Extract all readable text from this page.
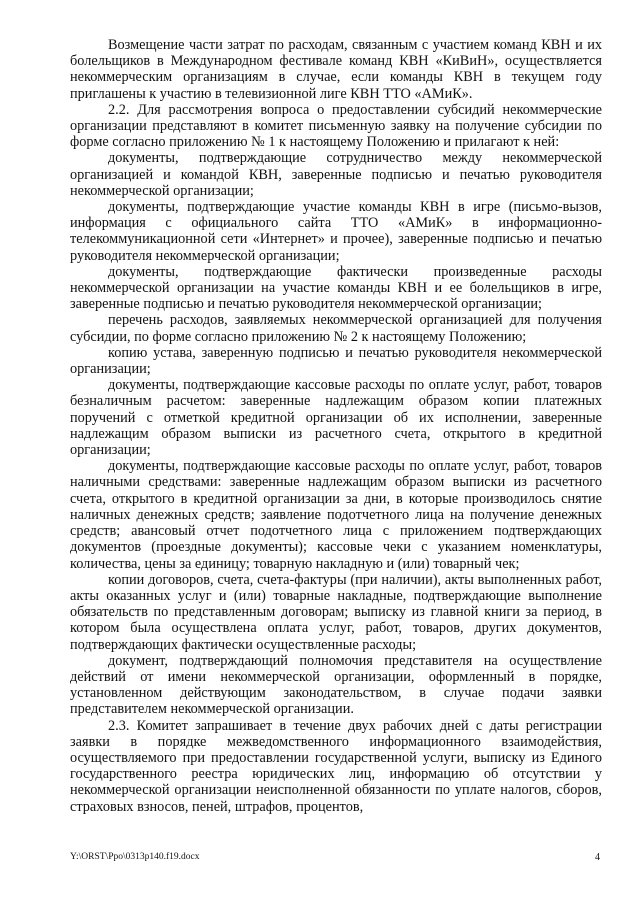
Возмещение части затрат по расходам, связанным с участием команд КВН и их болельщиков в Международном фестивале команд КВН «КиВиН», осуществляется некоммерческим организациям в случае, если команды КВН в текущем году приглашены к участию в телевизионной лиге КВН ТТО «АМиК».

2.2. Для рассмотрения вопроса о предоставлении субсидий некоммерческие организации представляют в комитет письменную заявку на получение субсидии по форме согласно приложению № 1 к настоящему Положению и прилагают к ней:

документы, подтверждающие сотрудничество между некоммерческой организацией и командой КВН, заверенные подписью и печатью руководителя некоммерческой организации;

документы, подтверждающие участие команды КВН в игре (письмо-вызов, информация с официального сайта ТТО «АМиК» в информационно-телекоммуникационной сети «Интернет» и прочее), заверенные подписью и печатью руководителя некоммерческой организации;

документы, подтверждающие фактически произведенные расходы некоммерческой организации на участие команды КВН и ее болельщиков в игре, заверенные подписью и печатью руководителя некоммерческой организации;

перечень расходов, заявляемых некоммерческой организацией для получения субсидии, по форме согласно приложению № 2 к настоящему Положению;

копию устава, заверенную подписью и печатью руководителя некоммерческой организации;

документы, подтверждающие кассовые расходы по оплате услуг, работ, товаров безналичным расчетом: заверенные надлежащим образом копии платежных поручений с отметкой кредитной организации об их исполнении, заверенные надлежащим образом выписки из расчетного счета, открытого в кредитной организации;

документы, подтверждающие кассовые расходы по оплате услуг, работ, товаров наличными средствами: заверенные надлежащим образом выписки из расчетного счета, открытого в кредитной организации за дни, в которые производилось снятие наличных денежных средств; заявление подотчетного лица на получение денежных средств; авансовый отчет подотчетного лица с приложением подтверждающих документов (проездные документы); кассовые чеки с указанием номенклатуры, количества, цены за единицу; товарную накладную и (или) товарный чек;

копии договоров, счета, счета-фактуры (при наличии), акты выполненных работ, акты оказанных услуг и (или) товарные накладные, подтверждающие выполнение обязательств по представленным договорам; выписку из главной книги за период, в котором была осуществлена оплата услуг, работ, товаров, других документов, подтверждающих фактически осуществленные расходы;

документ, подтверждающий полномочия представителя на осуществление действий от имени некоммерческой организации, оформленный в порядке, установленном действующим законодательством, в случае подачи заявки представителем некоммерческой организации.

2.3. Комитет запрашивает в течение двух рабочих дней с даты регистрации заявки в порядке межведомственного информационного взаимодействия, осуществляемого при предоставлении государственной услуги, выписку из Единого государственного реестра юридических лиц, информацию об отсутствии у некоммерческой организации неисполненной обязанности по уплате налогов, сборов, страховых взносов, пеней, штрафов, процентов,

Y:\ORST\Ppo\0313p140.f19.docx	4
